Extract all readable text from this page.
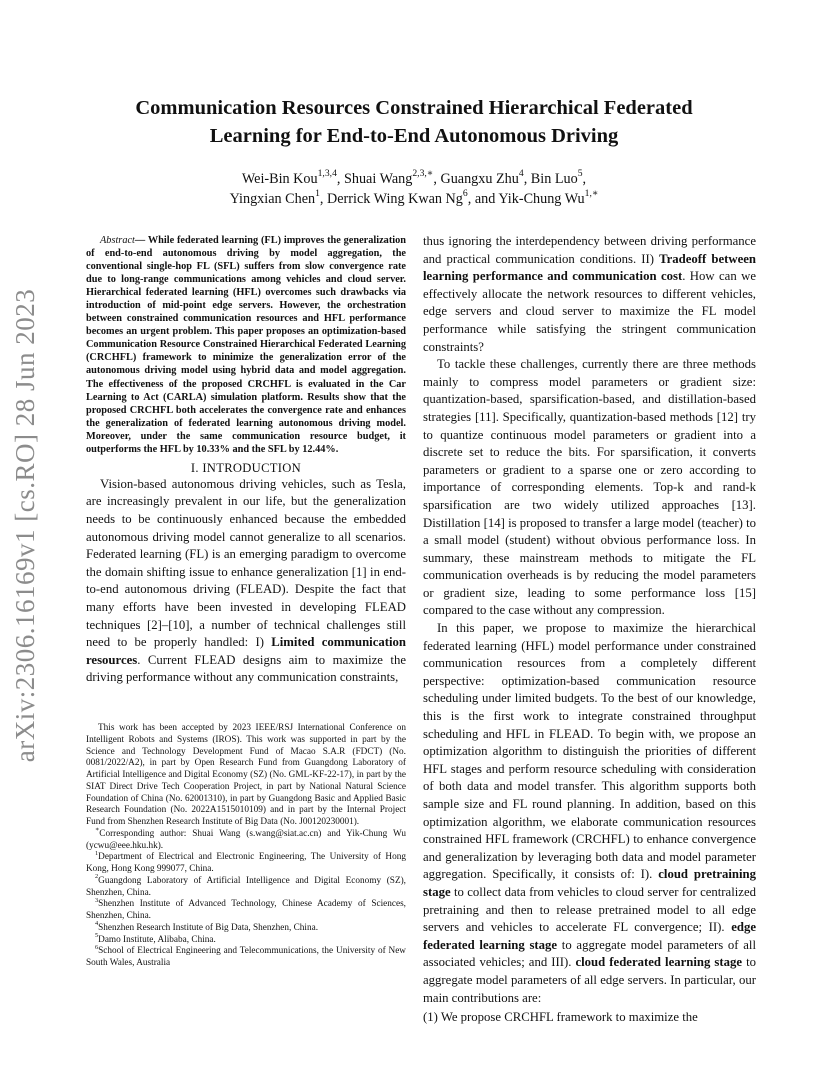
arXiv:2306.16169v1 [cs.RO] 28 Jun 2023
Communication Resources Constrained Hierarchical Federated
Learning for End-to-End Autonomous Driving
Wei-Bin Kou$^{1,3,4}$, Shuai Wang$^{2,3,∗}$, Guangxu Zhu$^4$, Bin Luo$^5$,
Yingxian Chen$^1$, Derrick Wing Kwan Ng$^6$, and Yik-Chung $Wu^{1,∗}$

Abstract— While federated learning (FL) improves the generalization of end-to-end autonomous driving by model aggregation, the conventional single-hop FL (SFL) suffers from slow convergence rate due to long-range communications among vehicles and cloud server. Hierarchical federated learning (HFL) overcomes such drawbacks via introduction of mid-point edge servers. However, the orchestration between constrained communication resources and HFL performance becomes an urgent problem. This paper proposes an optimization-based Communication Resource Constrained Hierarchical Federated Learning (CRCHFL) framework to minimize the generalization error of the autonomous driving model using hybrid data and model aggregation. The effectiveness of the proposed CRCHFL is evaluated in the Car Learning to Act (CARLA) simulation platform. Results show that the proposed CRCHFL both accelerates the convergence rate and enhances the generalization of federated learning autonomous driving model. Moreover, under the same communication resource budget, it outperforms the HFL by 10.33% and the SFL by 12.44%.

I. INTRODUCTION

Vision-based autonomous driving vehicles, such as Tesla, are increasingly prevalent in our life, but the generalization needs to be continuously enhanced because the embedded autonomous driving model cannot generalize to all scenarios. Federated learning (FL) is an emerging paradigm to overcome the domain shifting issue to enhance generalization [1] in end-to-end autonomous driving (FLEAD). Despite the fact that many efforts have been invested in developing FLEAD techniques [2]–[10], a number of technical challenges still need to be properly handled: I) Limited communication resources. Current FLEAD designs aim to maximize the driving performance without any communication constraints,

This work has been accepted by 2023 IEEE/RSJ International Conference on Intelligent Robots and Systems (IROS). This work was supported in part by the Science and Technology Development Fund of Macao S.A.R (FDCT) (No. 0081/2022/A2), in part by Open Research Fund from Guangdong Laboratory of Artificial Intelligence and Digital Economy (SZ) (No. GML-KF-22-17), in part by the SIAT Direct Drive Tech Cooperation Project, in part by National Natural Science Foundation of China (No. 62001310), in part by Guangdong Basic and Applied Basic Research Foundation (No. 2022A1515010109) and in part by the Internal Project Fund from Shenzhen Research Institute of Big Data (No. J00120230001).

∗Corresponding author: Shuai Wang (s.wang@siat.ac.cn) and Yik-Chung Wu (ycwu@eee.hku.hk).

$^1$Department of Electrical and Electronic Engineering, The University of Hong Kong, Hong Kong 999077, China.

$^2$Guangdong Laboratory of Artificial Intelligence and Digital Economy (SZ), Shenzhen, China.

$^3$Shenzhen Institute of Advanced Technology, Chinese Academy of Sciences, Shenzhen, China.

$^4$Shenzhen Research Institute of Big Data, Shenzhen, China.

$^5$Damo Institute, Alibaba, China.

$^6$School of Electrical Engineering and Telecommunications, the University of New South Wales, Australia

thus ignoring the interdependency between driving performance and practical communication conditions. II) Tradeoff between learning performance and communication cost. How can we effectively allocate the network resources to different vehicles, edge servers and cloud server to maximize the FL model performance while satisfying the stringent communication constraints?

To tackle these challenges, currently there are three methods mainly to compress model parameters or gradient size: quantization-based, sparsification-based, and distillation-based strategies [11]. Specifically, quantization-based methods [12] try to quantize continuous model parameters or gradient into a discrete set to reduce the bits. For sparsification, it converts parameters or gradient to a sparse one or zero according to importance of corresponding elements. Top-k and rand-k sparsification are two widely utilized approaches [13]. Distillation [14] is proposed to transfer a large model (teacher) to a small model (student) without obvious performance loss. In summary, these mainstream methods to mitigate the FL communication overheads is by reducing the model parameters or gradient size, leading to some performance loss [15] compared to the case without any compression.

In this paper, we propose to maximize the hierarchical federated learning (HFL) model performance under constrained communication resources from a completely different perspective: optimization-based communication resource scheduling under limited budgets. To the best of our knowledge, this is the first work to integrate constrained throughput scheduling and HFL in FLEAD. To begin with, we propose an optimization algorithm to distinguish the priorities of different HFL stages and perform resource scheduling with consideration of both data and model transfer. This algorithm supports both sample size and FL round planning. In addition, based on this optimization algorithm, we elaborate communication resources constrained HFL framework (CRCHFL) to enhance convergence and generalization by leveraging both data and model parameter aggregation. Specifically, it consists of: I). cloud pretraining stage to collect data from vehicles to cloud server for centralized pretraining and then to release pretrained model to all edge servers and vehicles to accelerate FL convergence; II). edge federated learning stage to aggregate model parameters of all associated vehicles; and III). cloud federated learning stage to aggregate model parameters of all edge servers. In particular, our main contributions are:

(1) We propose CRCHFL framework to maximize the
